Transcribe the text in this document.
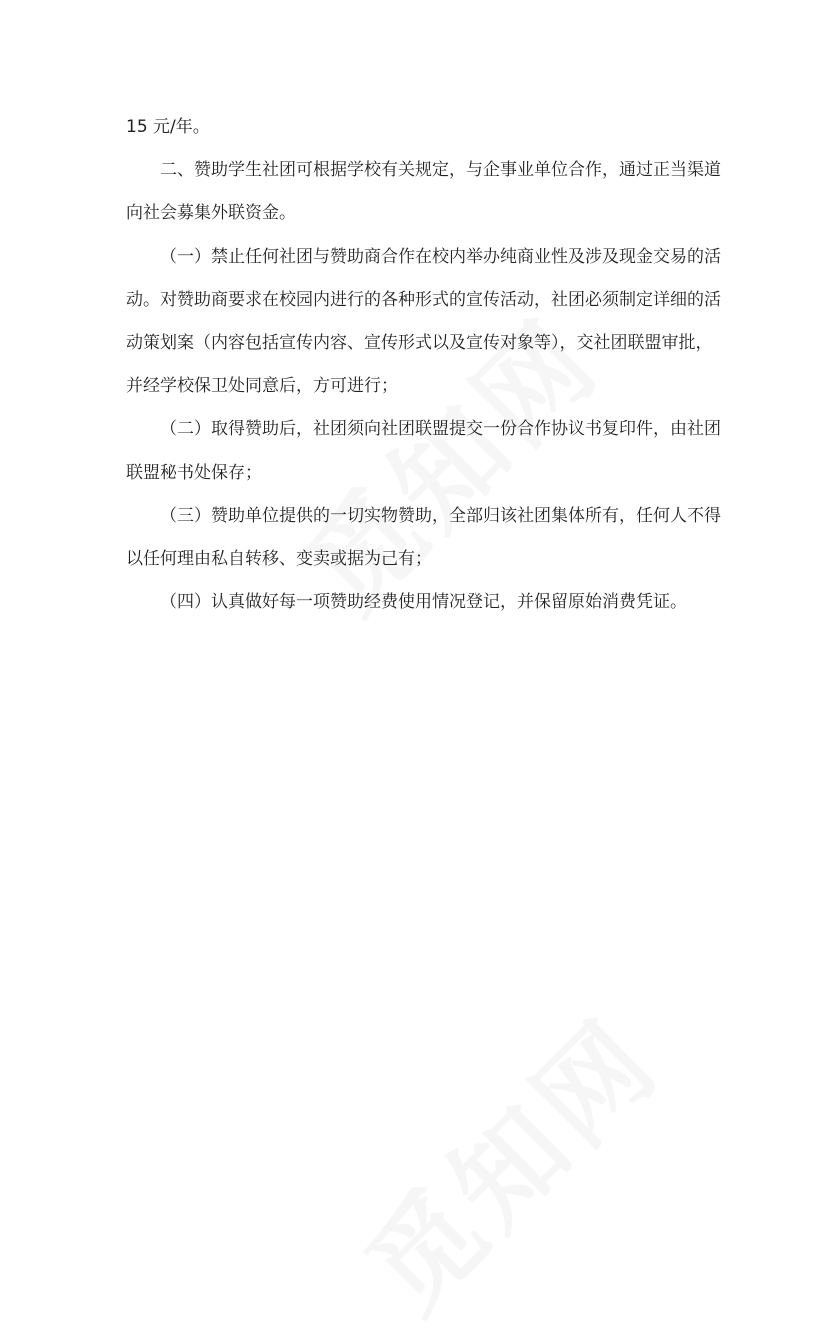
15 元/年。

二、赞助学生社团可根据学校有关规定，与企事业单位合作，通过正当渠道

向社会募集外联资金。

（一）禁止任何社团与赞助商合作在校内举办纯商业性及涉及现金交易的活

动。对赞助商要求在校园内进行的各种形式的宣传活动，社团必须制定详细的活

动策划案（内容包括宣传内容、宣传形式以及宣传对象等），交社团联盟审批，

并经学校保卫处同意后，方可进行；

（二）取得赞助后，社团须向社团联盟提交一份合作协议书复印件，由社团

联盟秘书处保存；

（三）赞助单位提供的一切实物赞助，全部归该社团集体所有，任何人不得

以任何理由私自转移、变卖或据为己有；

（四）认真做好每一项赞助经费使用情况登记，并保留原始消费凭证。
